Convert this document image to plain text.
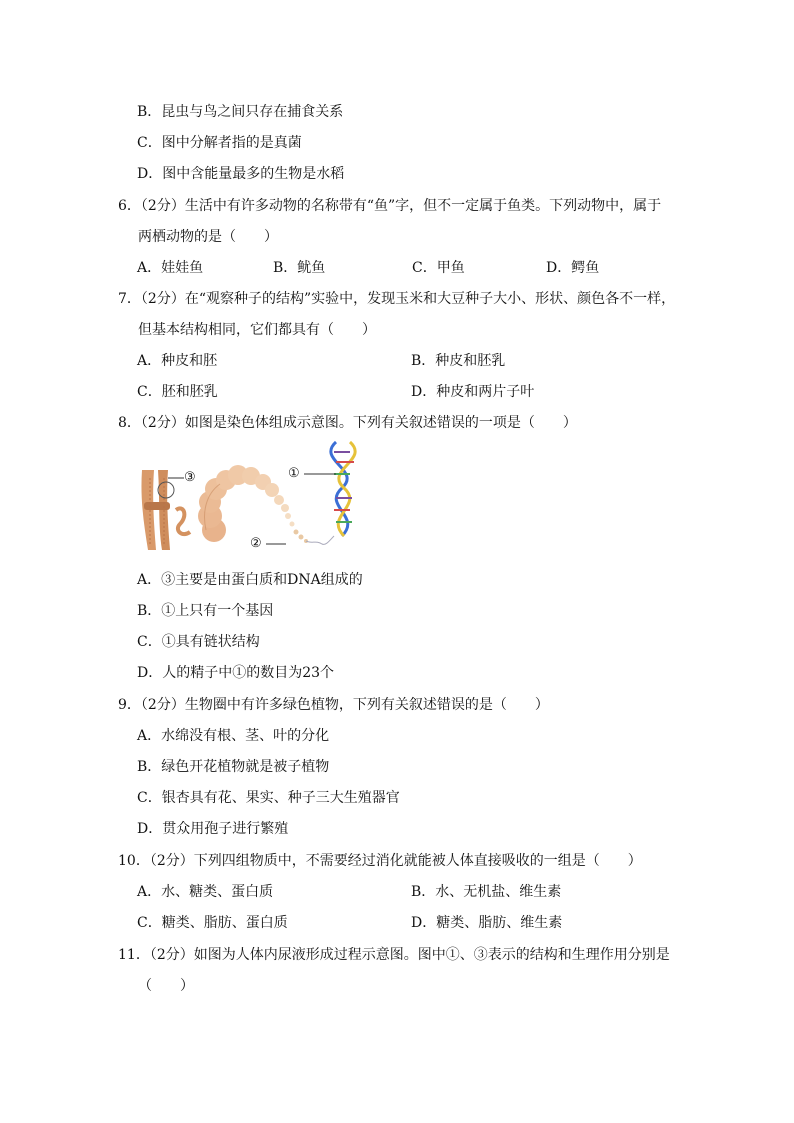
B．昆虫与鸟之间只存在捕食关系
C．图中分解者指的是真菌
D．图中含能量最多的生物是水稻
6．（2分）生活中有许多动物的名称带有“鱼”字，但不一定属于鱼类。下列动物中，属于
两栖动物的是（　　）
A．娃娃鱼	B．鱿鱼	C．甲鱼	D．鳄鱼
7．（2分）在“观察种子的结构”实验中，发现玉米和大豆种子大小、形状、颜色各不一样，
但基本结构相同，它们都具有（　　）
A．种皮和胚	B．种皮和胚乳
C．胚和胚乳	D．种皮和两片子叶
8．（2分）如图是染色体组成示意图。下列有关叙述错误的一项是（　　）
③	①
②
A．③主要是由蛋白质和DNA组成的
B．①上只有一个基因
C．①具有链状结构
D．人的精子中①的数目为23个
9．（2分）生物圈中有许多绿色植物，下列有关叙述错误的是（　　）
A．水绵没有根、茎、叶的分化
B．绿色开花植物就是被子植物
C．银杏具有花、果实、种子三大生殖器官
D．贯众用孢子进行繁殖
10．（2分）下列四组物质中，不需要经过消化就能被人体直接吸收的一组是（　　）
A．水、糖类、蛋白质	B．水、无机盐、维生素
C．糖类、脂肪、蛋白质	D．糖类、脂肪、维生素
11．（2分）如图为人体内尿液形成过程示意图。图中①、③表示的结构和生理作用分别是
（　　）
